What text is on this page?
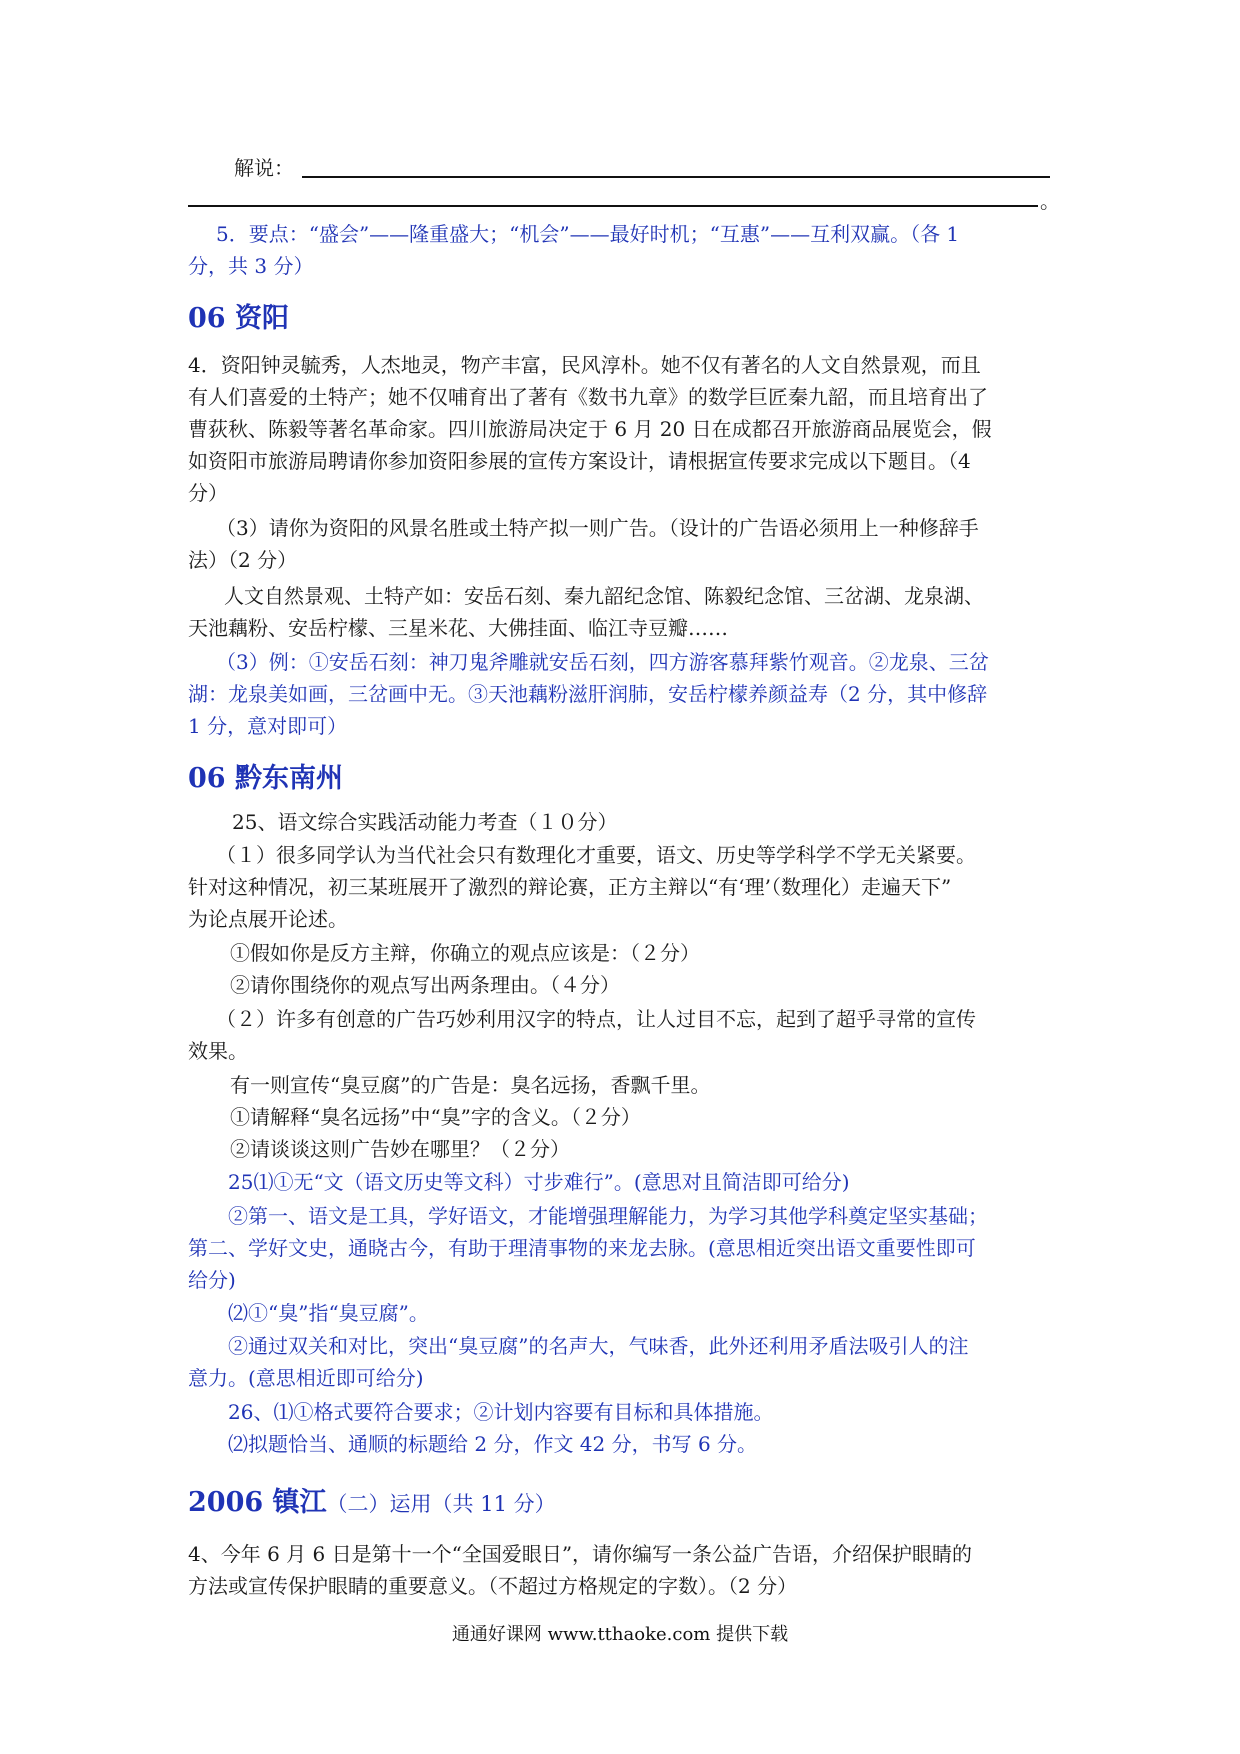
解说：
。
5．要点：“盛会”——隆重盛大；“机会”——最好时机；“互惠”——互利双赢。（各 1
分，共 3 分）
06 资阳
4．资阳钟灵毓秀，人杰地灵，物产丰富，民风淳朴。她不仅有著名的人文自然景观，而且
有人们喜爱的土特产；她不仅哺育出了著有《数书九章》的数学巨匠秦九韶，而且培育出了
曹荻秋、陈毅等著名革命家。四川旅游局决定于 6 月 20 日在成都召开旅游商品展览会，假
如资阳市旅游局聘请你参加资阳参展的宣传方案设计，请根据宣传要求完成以下题目。（4
分）
（3）请你为资阳的风景名胜或土特产拟一则广告。（设计的广告语必须用上一种修辞手
法）（2 分）
人文自然景观、土特产如：安岳石刻、秦九韶纪念馆、陈毅纪念馆、三岔湖、龙泉湖、
天池藕粉、安岳柠檬、三星米花、大佛挂面、临江寺豆瓣……
（3）例：①安岳石刻：神刀鬼斧雕就安岳石刻，四方游客慕拜紫竹观音。②龙泉、三岔
湖：龙泉美如画，三岔画中无。③天池藕粉滋肝润肺，安岳柠檬养颜益寿（2 分，其中修辞
1 分，意对即可）
06 黔东南州
25、语文综合实践活动能力考查（１０分）
（１）很多同学认为当代社会只有数理化才重要，语文、历史等学科学不学无关紧要。
针对这种情况，初三某班展开了激烈的辩论赛，正方主辩以“有‘理’（数理化）走遍天下”
为论点展开论述。
①假如你是反方主辩，你确立的观点应该是：（２分）
②请你围绕你的观点写出两条理由。（４分）
（２）许多有创意的广告巧妙利用汉字的特点，让人过目不忘，起到了超乎寻常的宣传
效果。
有一则宣传“臭豆腐”的广告是：臭名远扬，香飘千里。
①请解释“臭名远扬”中“臭”字的含义。（２分）
②请谈谈这则广告妙在哪里？（２分）
25⑴①无“文（语文历史等文科）寸步难行”。(意思对且简洁即可给分)
②第一、语文是工具，学好语文，才能增强理解能力，为学习其他学科奠定坚实基础；
第二、学好文史，通晓古今，有助于理清事物的来龙去脉。(意思相近突出语文重要性即可
给分)
⑵①“臭”指“臭豆腐”。
②通过双关和对比，突出“臭豆腐”的名声大，气味香，此外还利用矛盾法吸引人的注
意力。(意思相近即可给分)
26、⑴①格式要符合要求；②计划内容要有目标和具体措施。
⑵拟题恰当、通顺的标题给 2 分，作文 42 分，书写 6 分。
2006 镇江（二）运用（共 11 分）
4、今年 6 月 6 日是第十一个“全国爱眼日”，请你编写一条公益广告语，介绍保护眼睛的
方法或宣传保护眼睛的重要意义。（不超过方格规定的字数）。（2 分）
通通好课网 www.tthaoke.com 提供下载
